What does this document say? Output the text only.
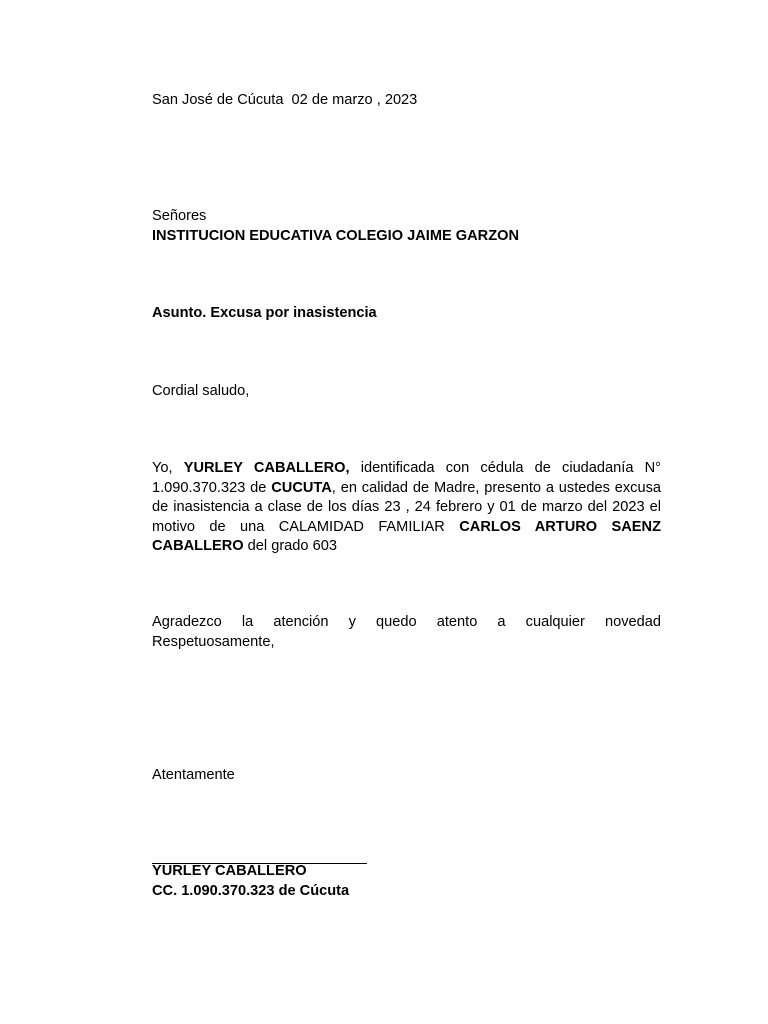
San José de Cúcuta  02 de marzo , 2023
Señores
INSTITUCION EDUCATIVA COLEGIO JAIME GARZON
Asunto. Excusa por inasistencia
Cordial saludo,
Yo, YURLEY CABALLERO, identificada con cédula de ciudadanía N° 1.090.370.323 de CUCUTA, en calidad de Madre, presento a ustedes excusa de inasistencia a clase de los días 23 , 24 febrero y 01 de marzo del 2023 el motivo de una CALAMIDAD FAMILIAR CARLOS ARTURO SAENZ CABALLERO del grado 603
Agradezco la atención y quedo atento a cualquier novedad
Respetuosamente,
Atentamente
YURLEY CABALLERO
CC. 1.090.370.323 de Cúcuta
